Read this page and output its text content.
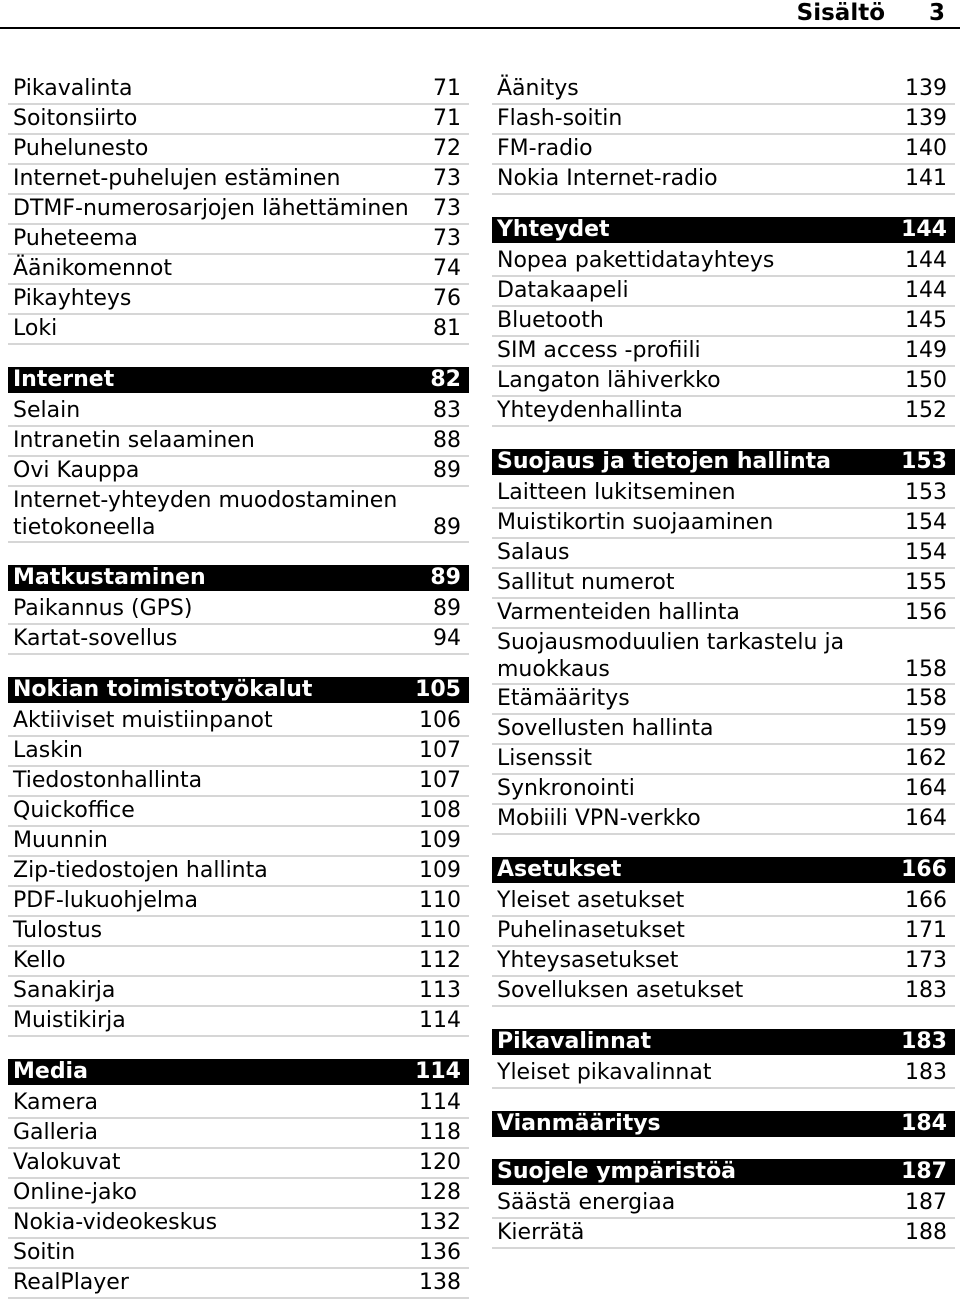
Sisältö 3
Pikavalinta	71
Soitonsiirto	71
Puhelunesto	72
Internet-puhelujen estäminen	73
DTMF-numerosarjojen lähettäminen 73
Puheteema	73
Äänikomennot	74
Pikayhteys	76
Loki	81
Internet	82
Selain	83
Intranetin selaaminen	88
Ovi Kauppa	89
Internet-yhteyden muodostaminen tietokoneella	89
Matkustaminen	89
Paikannus (GPS)	89
Kartat-sovellus	94
Nokian toimistotyökalut	105
Aktiiviset muistiinpanot	106
Laskin	107
Tiedostonhallinta	107
Quickoffice	108
Muunnin	109
Zip-tiedostojen hallinta	109
PDF-lukuohjelma	110
Tulostus	110
Kello	112
Sanakirja	113
Muistikirja	114
Media	114
Kamera	114
Galleria	118
Valokuvat	120
Online-jako	128
Nokia-videokeskus	132
Soitin	136
RealPlayer	138
Äänitys	139
Flash-soitin	139
FM-radio	140
Nokia Internet-radio	141
Yhteydet	144
Nopea pakettidatayhteys	144
Datakaapeli	144
Bluetooth	145
SIM access -profiili	149
Langaton lähiverkko	150
Yhteydenhallinta	152
Suojaus ja tietojen hallinta	153
Laitteen lukitseminen	153
Muistikortin suojaaminen	154
Salaus	154
Sallitut numerot	155
Varmenteiden hallinta	156
Suojausmoduulien tarkastelu ja muokkaus	158
Etämääritys	158
Sovellusten hallinta	159
Lisenssit	162
Synkronointi	164
Mobiili VPN-verkko	164
Asetukset	166
Yleiset asetukset	166
Puhelinasetukset	171
Yhteysasetukset	173
Sovelluksen asetukset	183
Pikavalinnat	183
Yleiset pikavalinnat	183
Vianmääritys	184
Suojele ympäristöä	187
Säästä energiaa	187
Kierrätä	188
